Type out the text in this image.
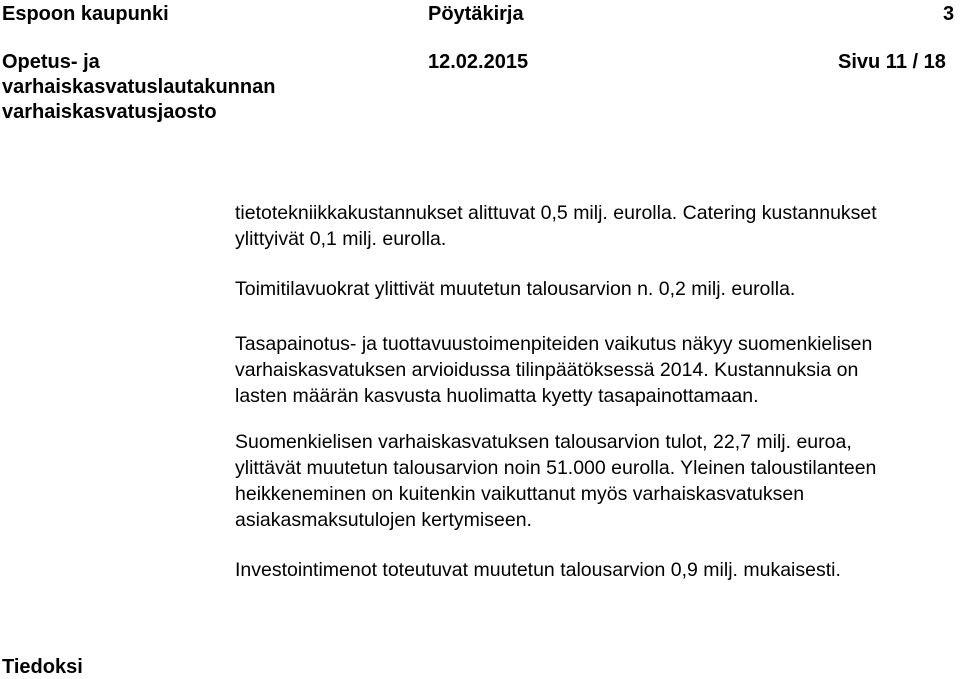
Espoon kaupunki	Pöytäkirja	3
Opetus- ja	12.02.2015	Sivu 11 / 18
varhaiskasvatuslautakunnan
varhaiskasvatusjaosto

tietotekniikkakustannukset alittuvat 0,5 milj. eurolla. Catering kustannukset

ylittyivät 0,1 milj. eurolla.

Toimitilavuokrat ylittivät muutetun talousarvion n. 0,2 milj. eurolla.

Tasapainotus- ja tuottavuustoimenpiteiden vaikutus näkyy suomenkielisen

varhaiskasvatuksen arvioidussa tilinpäätöksessä 2014. Kustannuksia on

lasten määrän kasvusta huolimatta kyetty tasapainottamaan.

Suomenkielisen varhaiskasvatuksen talousarvion tulot, 22,7 milj. euroa,

ylittävät muutetun talousarvion noin 51.000 eurolla. Yleinen taloustilanteen

heikkeneminen on kuitenkin vaikuttanut myös varhaiskasvatuksen

asiakasmaksutulojen kertymiseen.

Investointimenot toteutuvat muutetun talousarvion 0,9 milj. mukaisesti.

Tiedoksi
